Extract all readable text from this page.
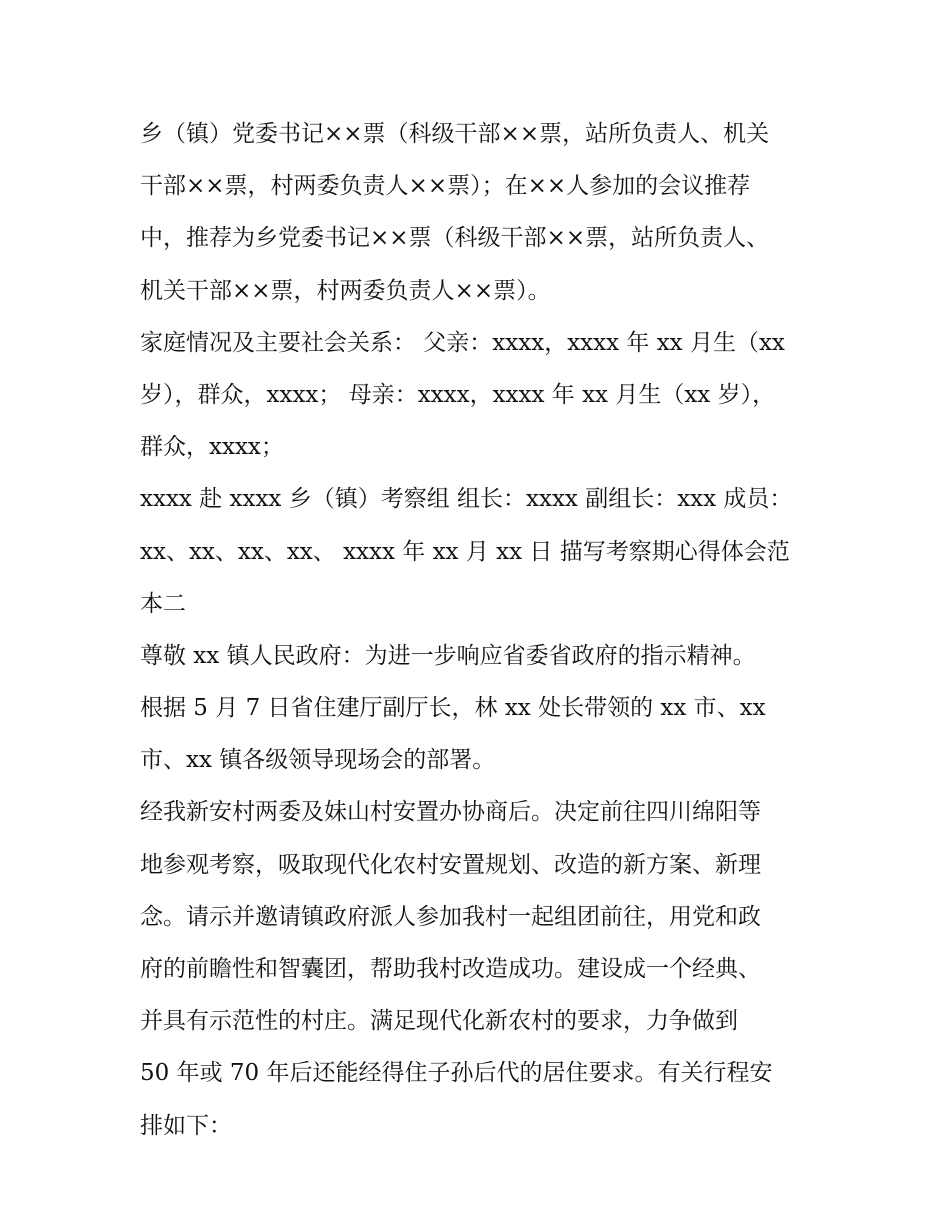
乡（镇）党委书记××票（科级干部××票，站所负责人、机关

干部××票，村两委负责人××票）；在××人参加的会议推荐

中，推荐为乡党委书记××票（科级干部××票，站所负责人、

机关干部××票，村两委负责人××票）。

家庭情况及主要社会关系： 父亲：xxxx，xxxx 年 xx 月生（xx

岁），群众，xxxx； 母亲：xxxx，xxxx 年 xx 月生（xx 岁），

群众，xxxx；

xxxx 赴 xxxx 乡（镇）考察组 组长：xxxx 副组长：xxx 成员：

xx、xx、xx、xx、 xxxx 年 xx 月 xx 日 描写考察期心得体会范

本二

尊敬 xx 镇人民政府：为进一步响应省委省政府的指示精神。

根据 5 月 7 日省住建厅副厅长，林 xx 处长带领的 xx 市、xx

市、xx 镇各级领导现场会的部署。

经我新安村两委及妹山村安置办协商后。决定前往四川绵阳等

地参观考察，吸取现代化农村安置规划、改造的新方案、新理

念。请示并邀请镇政府派人参加我村一起组团前往，用党和政

府的前瞻性和智囊团，帮助我村改造成功。建设成一个经典、

并具有示范性的村庄。满足现代化新农村的要求，力争做到

50 年或 70 年后还能经得住子孙后代的居住要求。有关行程安

排如下：
